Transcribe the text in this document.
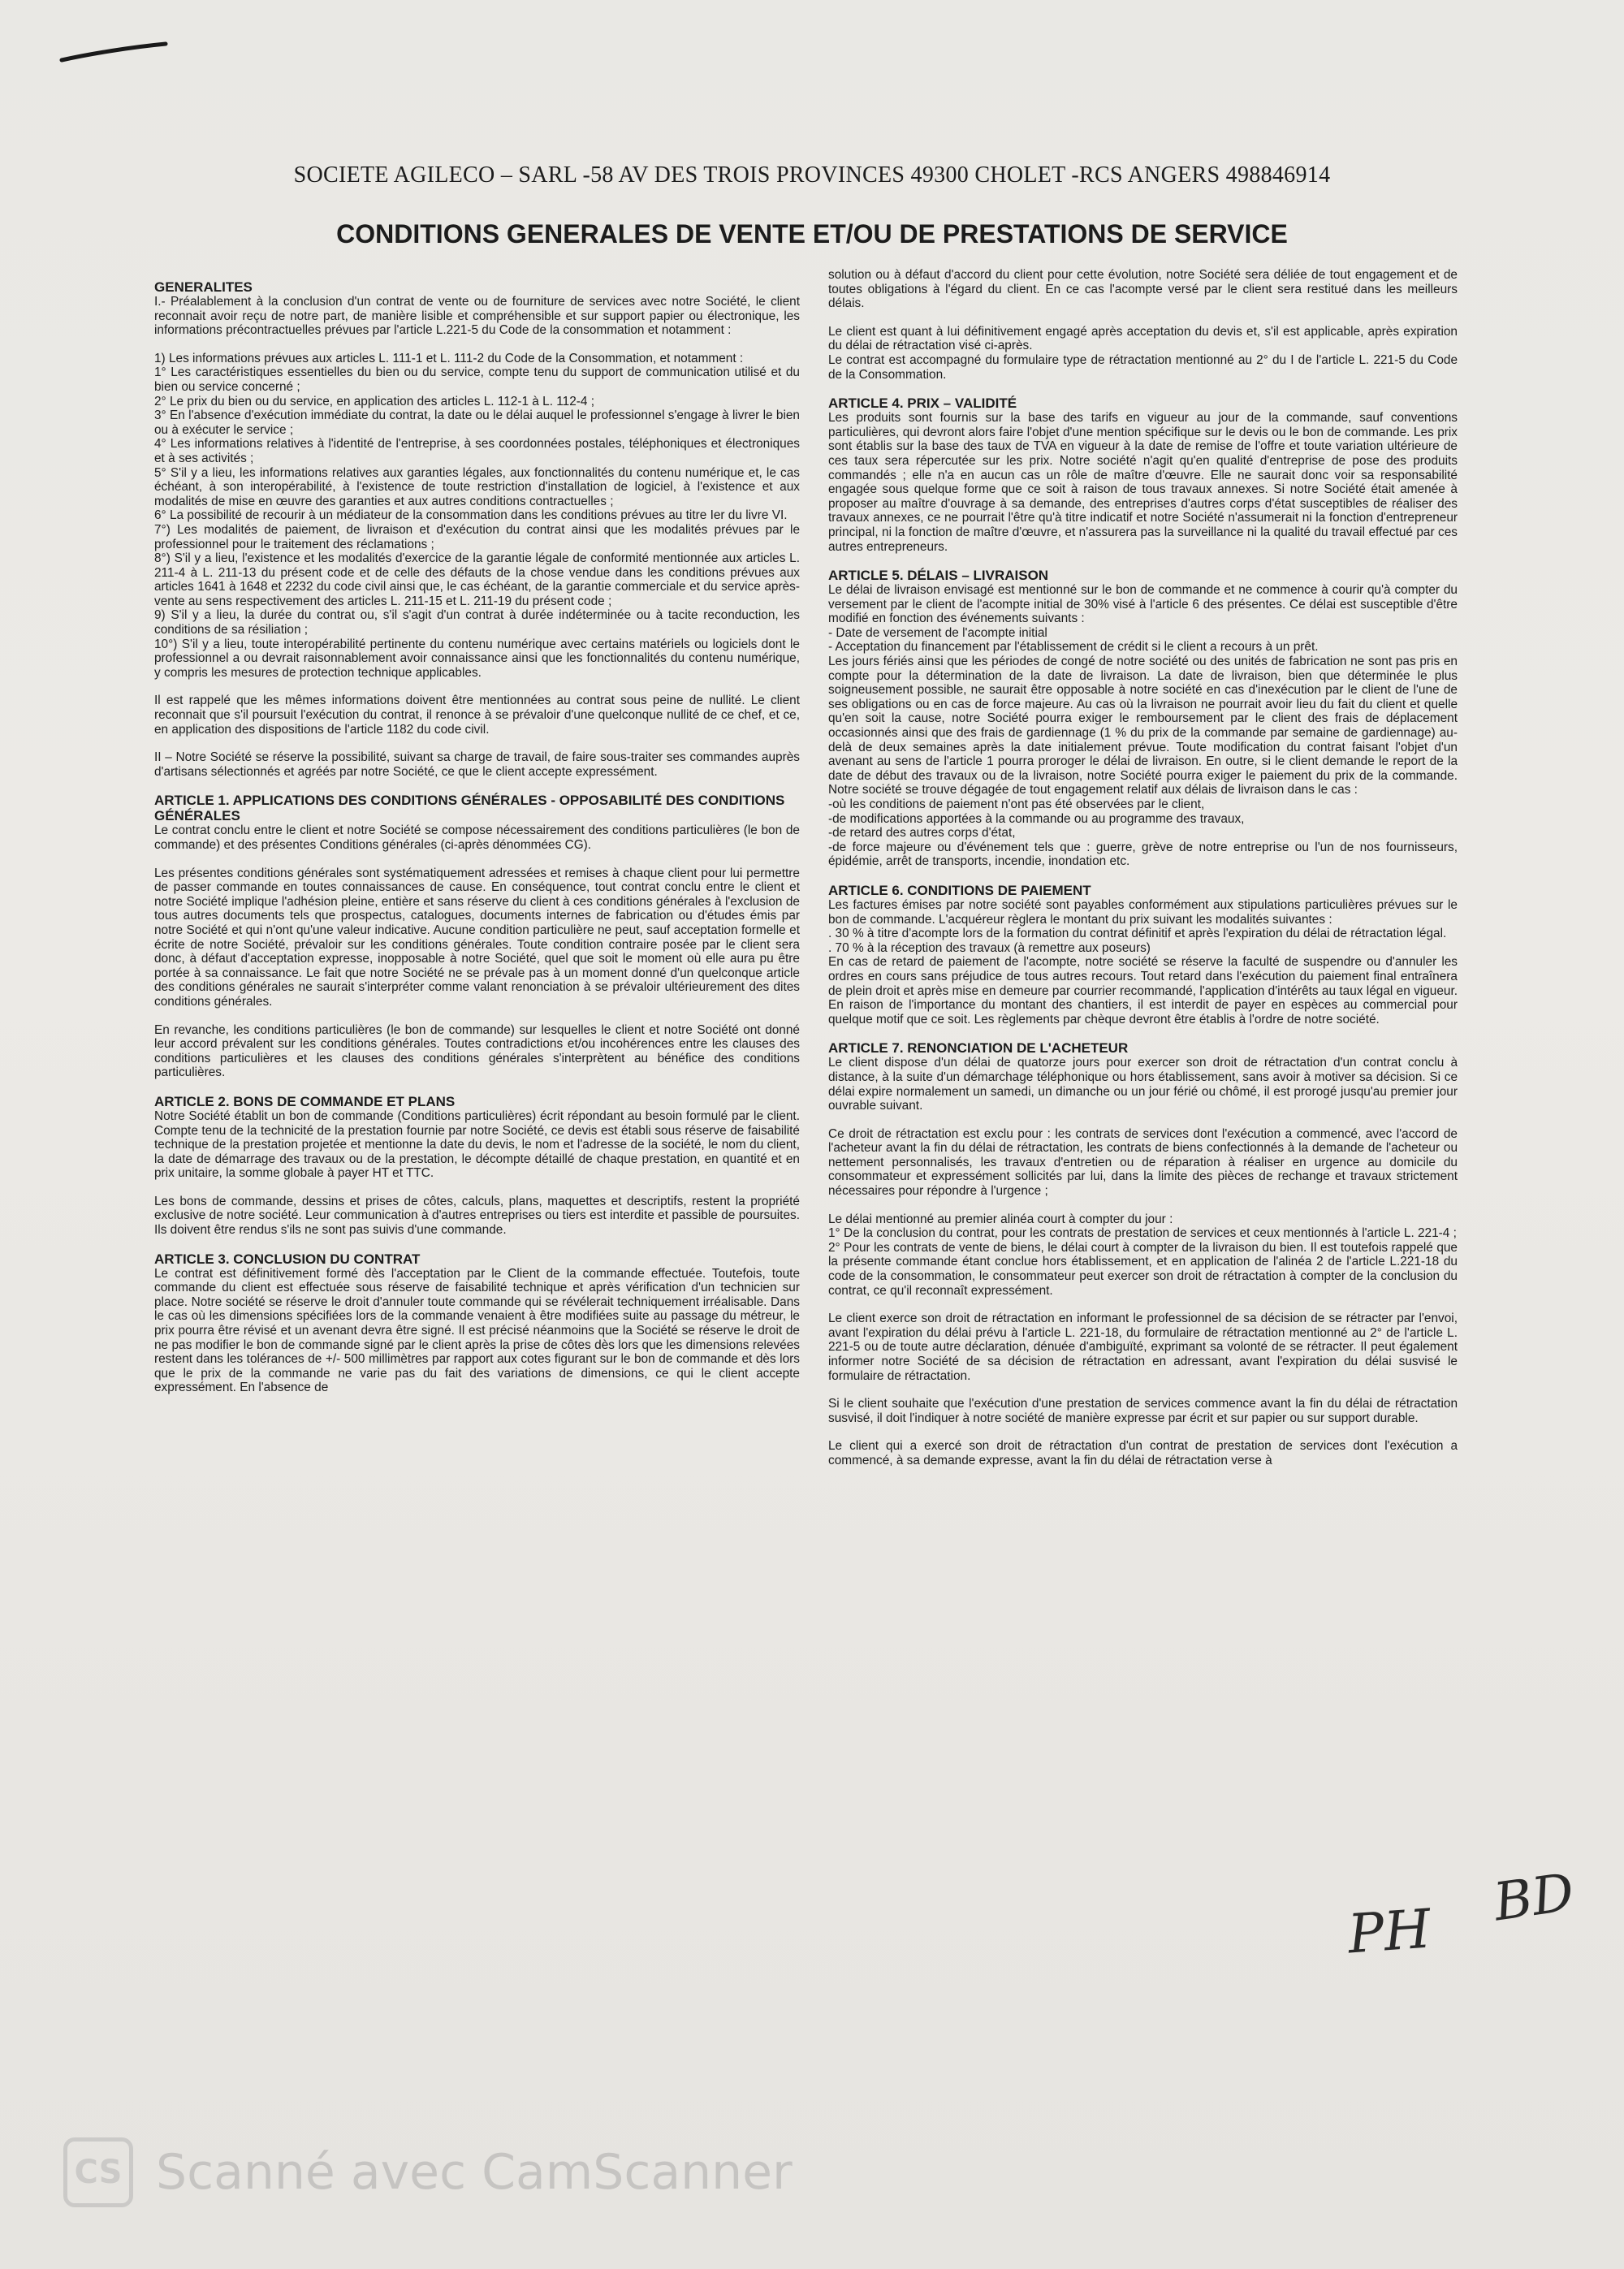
SOCIETE AGILECO – SARL -58 AV DES TROIS PROVINCES 49300 CHOLET -RCS ANGERS 498846914
CONDITIONS GENERALES DE VENTE ET/OU DE PRESTATIONS DE SERVICE
GENERALITES

I.- Préalablement à la conclusion d'un contrat de vente ou de fourniture de services avec notre Société, le client reconnait avoir reçu de notre part, de manière lisible et compréhensible et sur support papier ou électronique, les informations précontractuelles prévues par l'article L.221-5 du Code de la consommation et notamment :

1) Les informations prévues aux articles L. 111-1 et L. 111-2 du Code de la Consommation, et notamment :
1° Les caractéristiques essentielles du bien ou du service, compte tenu du support de communication utilisé et du bien ou service concerné ;
2° Le prix du bien ou du service, en application des articles L. 112-1 à L. 112-4 ;
3° En l'absence d'exécution immédiate du contrat, la date ou le délai auquel le professionnel s'engage à livrer le bien ou à exécuter le service ;
4° Les informations relatives à l'identité de l'entreprise, à ses coordonnées postales, téléphoniques et électroniques et à ses activités ;
5° S'il y a lieu, les informations relatives aux garanties légales, aux fonctionnalités du contenu numérique et, le cas échéant, à son interopérabilité, à l'existence de toute restriction d'installation de logiciel, à l'existence et aux modalités de mise en œuvre des garanties et aux autres conditions contractuelles ;
6° La possibilité de recourir à un médiateur de la consommation dans les conditions prévues au titre Ier du livre VI.
7°) Les modalités de paiement, de livraison et d'exécution du contrat ainsi que les modalités prévues par le professionnel pour le traitement des réclamations ;
8°) S'il y a lieu, l'existence et les modalités d'exercice de la garantie légale de conformité mentionnée aux articles L. 211-4 à L. 211-13 du présent code et de celle des défauts de la chose vendue dans les conditions prévues aux articles 1641 à 1648 et 2232 du code civil ainsi que, le cas échéant, de la garantie commerciale et du service après-vente au sens respectivement des articles L. 211-15 et L. 211-19 du présent code ;
9) S'il y a lieu, la durée du contrat ou, s'il s'agit d'un contrat à durée indéterminée ou à tacite reconduction, les conditions de sa résiliation ;
10°) S'il y a lieu, toute interopérabilité pertinente du contenu numérique avec certains matériels ou logiciels dont le professionnel a ou devrait raisonnablement avoir connaissance ainsi que les fonctionnalités du contenu numérique, y compris les mesures de protection technique applicables.

Il est rappelé que les mêmes informations doivent être mentionnées au contrat sous peine de nullité. Le client reconnait que s'il poursuit l'exécution du contrat, il renonce à se prévaloir d'une quelconque nullité de ce chef, et ce, en application des dispositions de l'article 1182 du code civil.

II – Notre Société se réserve la possibilité, suivant sa charge de travail, de faire sous-traiter ses commandes auprès d'artisans sélectionnés et agréés par notre Société, ce que le client accepte expressément.

ARTICLE 1. APPLICATIONS DES CONDITIONS GÉNÉRALES - OPPOSABILITÉ DES CONDITIONS GÉNÉRALES

Le contrat conclu entre le client et notre Société se compose nécessairement des conditions particulières (le bon de commande) et des présentes Conditions générales (ci-après dénommées CG).

Les présentes conditions générales sont systématiquement adressées et remises à chaque client pour lui permettre de passer commande en toutes connaissances de cause. En conséquence, tout contrat conclu entre le client et notre Société implique l'adhésion pleine, entière et sans réserve du client à ces conditions générales à l'exclusion de tous autres documents tels que prospectus, catalogues, documents internes de fabrication ou d'études émis par notre Société et qui n'ont qu'une valeur indicative. Aucune condition particulière ne peut, sauf acceptation formelle et écrite de notre Société, prévaloir sur les conditions générales. Toute condition contraire posée par le client sera donc, à défaut d'acceptation expresse, inopposable à notre Société, quel que soit le moment où elle aura pu être portée à sa connaissance. Le fait que notre Société ne se prévale pas à un moment donné d'un quelconque article des conditions générales ne saurait s'interpréter comme valant renonciation à se prévaloir ultérieurement des dites conditions générales.

En revanche, les conditions particulières (le bon de commande) sur lesquelles le client et notre Société ont donné leur accord prévalent sur les conditions générales. Toutes contradictions et/ou incohérences entre les clauses des conditions particulières et les clauses des conditions générales s'interprètent au bénéfice des conditions particulières.

ARTICLE 2. BONS DE COMMANDE ET PLANS

Notre Société établit un bon de commande (Conditions particulières) écrit répondant au besoin formulé par le client. Compte tenu de la technicité de la prestation fournie par notre Société, ce devis est établi sous réserve de faisabilité technique de la prestation projetée et mentionne la date du devis, le nom et l'adresse de la société, le nom du client, la date de démarrage des travaux ou de la prestation, le décompte détaillé de chaque prestation, en quantité et en prix unitaire, la somme globale à payer HT et TTC.

Les bons de commande, dessins et prises de côtes, calculs, plans, maquettes et descriptifs, restent la propriété exclusive de notre société. Leur communication à d'autres entreprises ou tiers est interdite et passible de poursuites. Ils doivent être rendus s'ils ne sont pas suivis d'une commande.

ARTICLE 3. CONCLUSION DU CONTRAT

Le contrat est définitivement formé dès l'acceptation par le Client de la commande effectuée. Toutefois, toute commande du client est effectuée sous réserve de faisabilité technique et après vérification d'un technicien sur place. Notre société se réserve le droit d'annuler toute commande qui se révélerait techniquement irréalisable. Dans le cas où les dimensions spécifiées lors de la commande venaient à être modifiées suite au passage du métreur, le prix pourra être révisé et un avenant devra être signé. Il est précisé néanmoins que la Société se réserve le droit de ne pas modifier le bon de commande signé par le client après la prise de côtes dès lors que les dimensions relevées restent dans les tolérances de +/- 500 millimètres par rapport aux cotes figurant sur le bon de commande et dès lors que le prix de la commande ne varie pas du fait des variations de dimensions, ce qui le client accepte expressément. En l'absence de

solution ou à défaut d'accord du client pour cette évolution, notre Société sera déliée de tout engagement et de toutes obligations à l'égard du client. En ce cas l'acompte versé par le client sera restitué dans les meilleurs délais.

Le client est quant à lui définitivement engagé après acceptation du devis et, s'il est applicable, après expiration du délai de rétractation visé ci-après.
Le contrat est accompagné du formulaire type de rétractation mentionné au 2° du I de l'article L. 221-5 du Code de la Consommation.

ARTICLE 4. PRIX – VALIDITÉ

Les produits sont fournis sur la base des tarifs en vigueur au jour de la commande, sauf conventions particulières, qui devront alors faire l'objet d'une mention spécifique sur le devis ou le bon de commande. Les prix sont établis sur la base des taux de TVA en vigueur à la date de remise de l'offre et toute variation ultérieure de ces taux sera répercutée sur les prix. Notre société n'agit qu'en qualité d'entreprise de pose des produits commandés ; elle n'a en aucun cas un rôle de maître d'œuvre. Elle ne saurait donc voir sa responsabilité engagée sous quelque forme que ce soit à raison de tous travaux annexes. Si notre Société était amenée à proposer au maître d'ouvrage à sa demande, des entreprises d'autres corps d'état susceptibles de réaliser des travaux annexes, ce ne pourrait l'être qu'à titre indicatif et notre Société n'assumerait ni la fonction d'entrepreneur principal, ni la fonction de maître d'œuvre, et n'assurera pas la surveillance ni la qualité du travail effectué par ces autres entrepreneurs.

ARTICLE 5. DÉLAIS – LIVRAISON

Le délai de livraison envisagé est mentionné sur le bon de commande et ne commence à courir qu'à compter du versement par le client de l'acompte initial de 30% visé à l'article 6 des présentes. Ce délai est susceptible d'être modifié en fonction des événements suivants :
- Date de versement de l'acompte initial
- Acceptation du financement par l'établissement de crédit si le client a recours à un prêt.
Les jours fériés ainsi que les périodes de congé de notre société ou des unités de fabrication ne sont pas pris en compte pour la détermination de la date de livraison. La date de livraison, bien que déterminée le plus soigneusement possible, ne saurait être opposable à notre société en cas d'inexécution par le client de l'une de ses obligations ou en cas de force majeure. Au cas où la livraison ne pourrait avoir lieu du fait du client et quelle qu'en soit la cause, notre Société pourra exiger le remboursement par le client des frais de déplacement occasionnés ainsi que des frais de gardiennage (1 % du prix de la commande par semaine de gardiennage) au-delà de deux semaines après la date initialement prévue. Toute modification du contrat faisant l'objet d'un avenant au sens de l'article 1 pourra proroger le délai de livraison. En outre, si le client demande le report de la date de début des travaux ou de la livraison, notre Société pourra exiger le paiement du prix de la commande. Notre société se trouve dégagée de tout engagement relatif aux délais de livraison dans le cas :
-où les conditions de paiement n'ont pas été observées par le client,
-de modifications apportées à la commande ou au programme des travaux,
-de retard des autres corps d'état,
-de force majeure ou d'événement tels que : guerre, grève de notre entreprise ou l'un de nos fournisseurs, épidémie, arrêt de transports, incendie, inondation etc.

ARTICLE 6. CONDITIONS DE PAIEMENT

Les factures émises par notre société sont payables conformément aux stipulations particulières prévues sur le bon de commande. L'acquéreur règlera le montant du prix suivant les modalités suivantes :
. 30 % à titre d'acompte lors de la formation du contrat définitif et après l'expiration du délai de rétractation légal.
. 70 % à la réception des travaux (à remettre aux poseurs)
En cas de retard de paiement de l'acompte, notre société se réserve la faculté de suspendre ou d'annuler les ordres en cours sans préjudice de tous autres recours. Tout retard dans l'exécution du paiement final entraînera de plein droit et après mise en demeure par courrier recommandé, l'application d'intérêts au taux légal en vigueur. En raison de l'importance du montant des chantiers, il est interdit de payer en espèces au commercial pour quelque motif que ce soit. Les règlements par chèque devront être établis à l'ordre de notre société.

ARTICLE 7. RENONCIATION DE L'ACHETEUR

Le client dispose d'un délai de quatorze jours pour exercer son droit de rétractation d'un contrat conclu à distance, à la suite d'un démarchage téléphonique ou hors établissement, sans avoir à motiver sa décision. Si ce délai expire normalement un samedi, un dimanche ou un jour férié ou chômé, il est prorogé jusqu'au premier jour ouvrable suivant.

Ce droit de rétractation est exclu pour : les contrats de services dont l'exécution a commencé, avec l'accord de l'acheteur avant la fin du délai de rétractation, les contrats de biens confectionnés à la demande de l'acheteur ou nettement personnalisés, les travaux d'entretien ou de réparation à réaliser en urgence au domicile du consommateur et expressément sollicités par lui, dans la limite des pièces de rechange et travaux strictement nécessaires pour répondre à l'urgence ;

Le délai mentionné au premier alinéa court à compter du jour :
1° De la conclusion du contrat, pour les contrats de prestation de services et ceux mentionnés à l'article L. 221-4 ;
2° Pour les contrats de vente de biens, le délai court à compter de la livraison du bien. Il est toutefois rappelé que la présente commande étant conclue hors établissement, et en application de l'alinéa 2 de l'article L.221-18 du code de la consommation, le consommateur peut exercer son droit de rétractation à compter de la conclusion du contrat, ce qu'il reconnaît expressément.

Le client exerce son droit de rétractation en informant le professionnel de sa décision de se rétracter par l'envoi, avant l'expiration du délai prévu à l'article L. 221-18, du formulaire de rétractation mentionné au 2° de l'article L. 221-5 ou de toute autre déclaration, dénuée d'ambiguïté, exprimant sa volonté de se rétracter. Il peut également informer notre Société de sa décision de rétractation en adressant, avant l'expiration du délai susvisé le formulaire de rétractation.

Si le client souhaite que l'exécution d'une prestation de services commence avant la fin du délai de rétractation susvisé, il doit l'indiquer à notre société de manière expresse par écrit et sur papier ou sur support durable.

Le client qui a exercé son droit de rétractation d'un contrat de prestation de services dont l'exécution a commencé, à sa demande expresse, avant la fin du délai de rétractation verse à

PH BD
CS Scanné avec CamScanner
